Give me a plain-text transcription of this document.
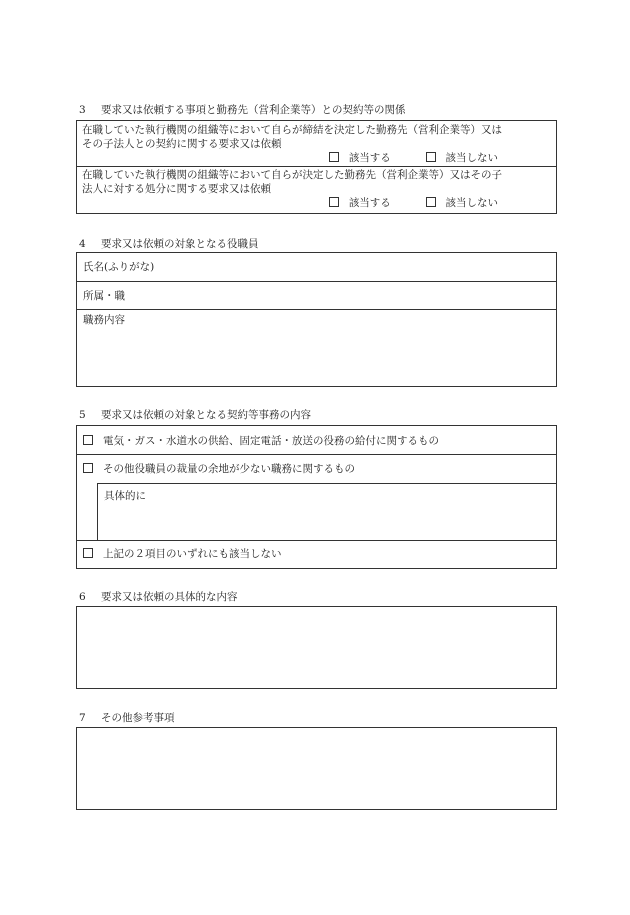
3 要求又は依頼する事項と勤務先（営利企業等）との契約等の関係
在職していた執行機関の組織等において自らが締結を決定した勤務先（営利企業等）又は
その子法人との契約に関する要求又は依頼
該当する	該当しない
在職していた執行機関の組織等において自らが決定した勤務先（営利企業等）又はその子
法人に対する処分に関する要求又は依頼
該当する	該当しない
4 要求又は依頼の対象となる役職員
氏名(ふりがな)
所属・職
職務内容
5 要求又は依頼の対象となる契約等事務の内容
電気・ガス・水道水の供給、固定電話・放送の役務の給付に関するもの
その他役職員の裁量の余地が少ない職務に関するもの
具体的に
上記の２項目のいずれにも該当しない
6 要求又は依頼の具体的な内容
7 その他参考事項
